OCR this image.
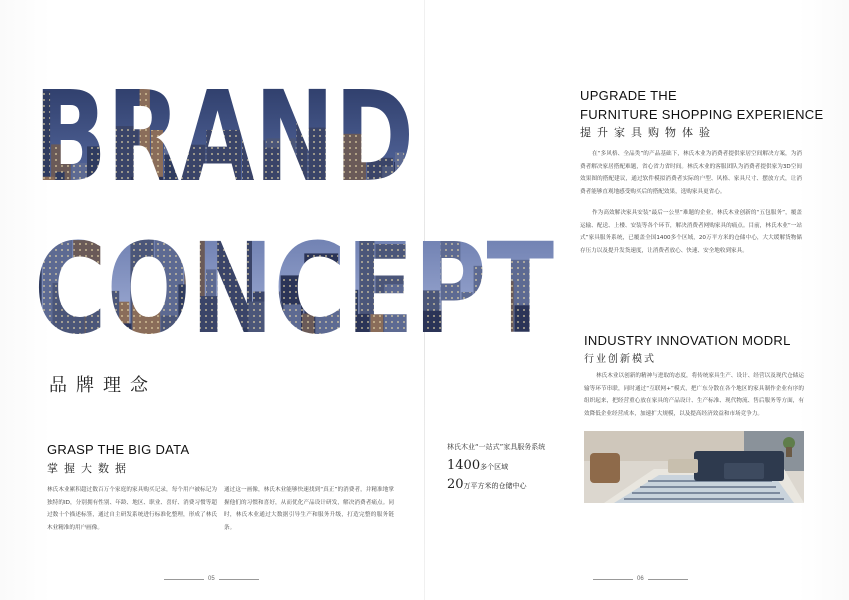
品牌理念
GRASP THE BIG DATA
掌握大数据
林氏木业累积超过数百万个家庭的家具购买记录，每个用户被标记为独特的ID，分别拥有性别、年龄、地区、职业、喜好、消费习惯等超过数十个描述标签，通过自主研发系统进行标准化整理，形成了林氏木业精准的用户画像。
通过这一画像，林氏木业能够快速找到“真正”的消费者，并精准地掌握他们的习惯和喜好，从而优化产品设计研发，解决消费者痛点。同时，林氏木业通过大数据引导生产和服务升级，打造完整的服务链条。
林氏木业“一站式”家具服务系统
1400多个区域
20万平方米的仓储中心
UPGRADE THE
FURNITURE SHOPPING EXPERIENCE
提升家具购物体验
在“多风格、全品类”的产品基础下，林氏木业为消费者提供家居空间解决方案，为消费者解决家居搭配难题，省心省力省时间。林氏木业的客服团队为消费者提供家为3D空间效果图的搭配建议，通过软件模拟消费者实际的户型、风格、家具尺寸、摆放方式，让消费者能够直观地感受购买后的搭配效果，选购家具更省心。
作为高效解决家具安装“最后一公里”难题的企业，林氏木业创新的“五包服务”，覆盖运输、配送、上楼、安装等各个环节，解决消费者网购家具的痛点。目前，林氏木业“一站式”家具服务系统，已覆盖全国1400多个区域，20万平方米的仓储中心，大大缓解货物储存压力以及提升发货速度，让消费者放心、快速、安全地收到家具。
INDUSTRY INNOVATION MODRL
行业创新模式
林氏木业以创新的精神与进取的态度，将传统家具生产、设计、经营以及现代仓储运输等环节串联，同时通过“互联网+”模式，把广东分散在各个地区的家具制作企业有序的组织起来，把经营重心放在家具的产品设计、生产标准、现代物流、售后服务等方面，有效降低企业经营成本，加速扩大规模，以及提高经济效益和市场竞争力。
05	06
